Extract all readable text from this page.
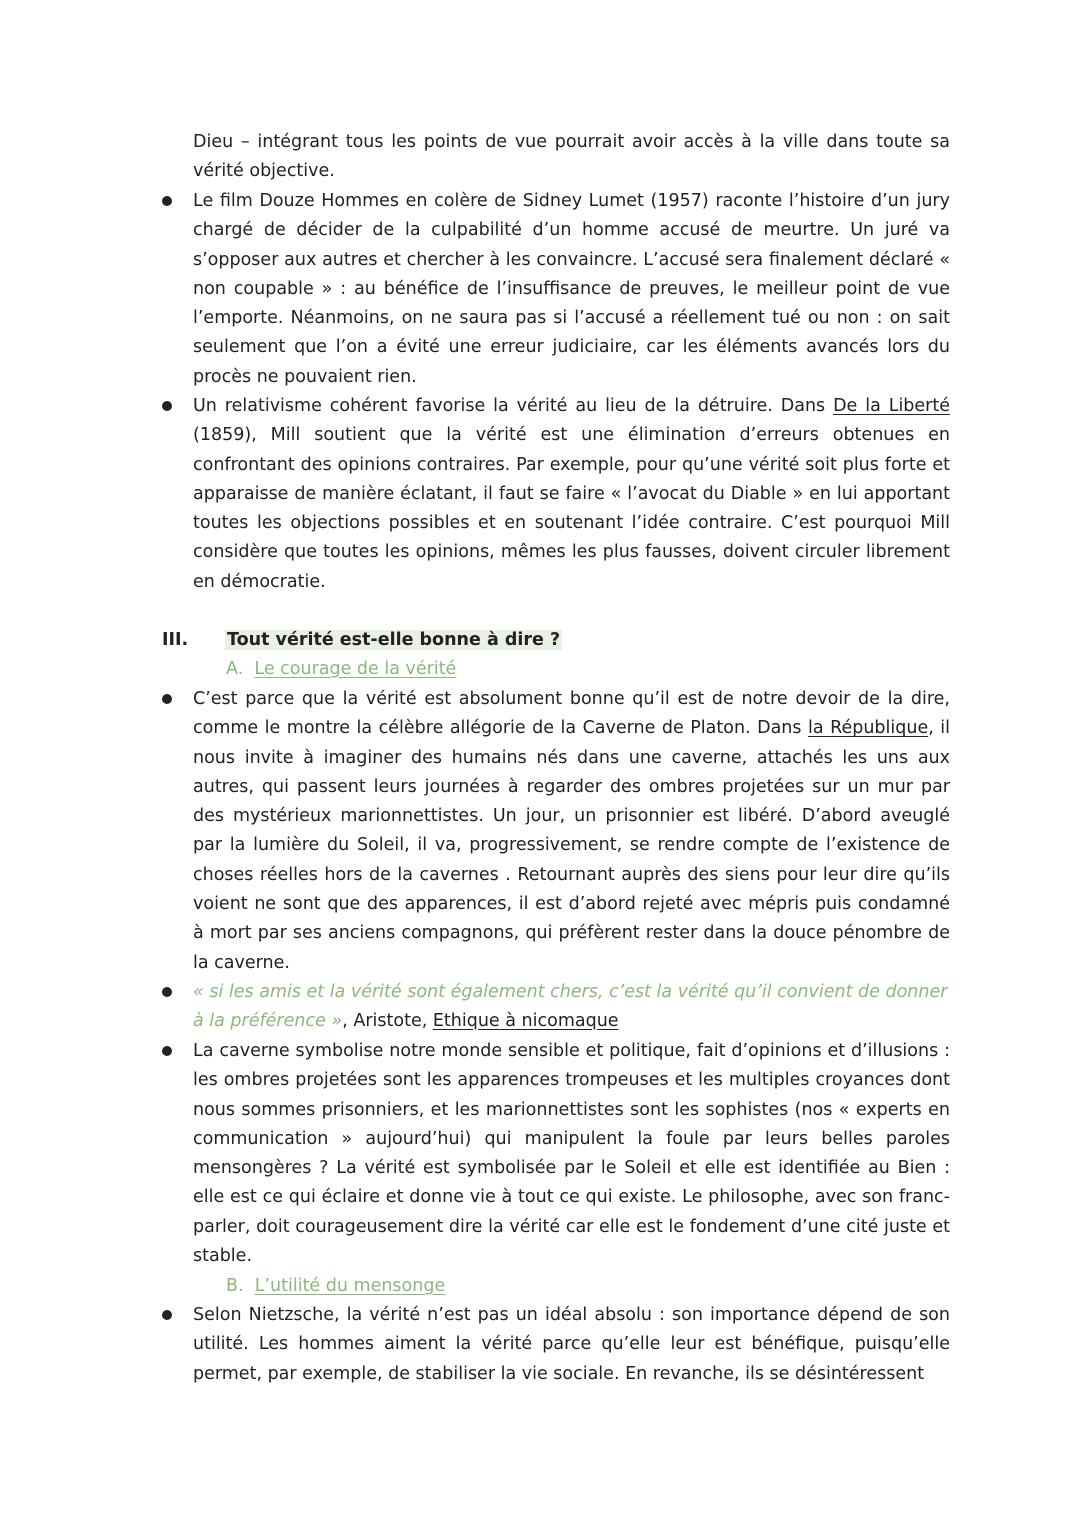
Dieu – intégrant tous les points de vue pourrait avoir accès à la ville dans toute sa
vérité objective.
Le film Douze Hommes en colère de Sidney Lumet (1957) raconte l’histoire d’un jury chargé de décider de la culpabilité d’un homme accusé de meurtre. Un juré va s’opposer aux autres et chercher à les convaincre. L’accusé sera finalement déclaré « non coupable » : au bénéfice de l’insuffisance de preuves, le meilleur point de vue l’emporte. Néanmoins, on ne saura pas si l’accusé a réellement tué ou non : on sait seulement que l’on a évité une erreur judiciaire, car les éléments avancés lors du procès ne pouvaient rien.
Un relativisme cohérent favorise la vérité au lieu de la détruire. Dans De la Liberté (1859), Mill soutient que la vérité est une élimination d’erreurs obtenues en confrontant des opinions contraires. Par exemple, pour qu’une vérité soit plus forte et apparaisse de manière éclatant, il faut se faire « l’avocat du Diable » en lui apportant toutes les objections possibles et en soutenant l’idée contraire. C’est pourquoi Mill considère que toutes les opinions, mêmes les plus fausses, doivent circuler librement en démocratie.
III. Tout vérité est-elle bonne à dire ?
A. Le courage de la vérité
C’est parce que la vérité est absolument bonne qu’il est de notre devoir de la dire, comme le montre la célèbre allégorie de la Caverne de Platon. Dans la République, il nous invite à imaginer des humains nés dans une caverne, attachés les uns aux autres, qui passent leurs journées à regarder des ombres projetées sur un mur par des mystérieux marionnettistes. Un jour, un prisonnier est libéré. D’abord aveuglé par la lumière du Soleil, il va, progressivement, se rendre compte de l’existence de choses réelles hors de la cavernes . Retournant auprès des siens pour leur dire qu’ils voient ne sont que des apparences, il est d’abord rejeté avec mépris puis condamné à mort par ses anciens compagnons, qui préfèrent rester dans la douce pénombre de la caverne.
« si les amis et la vérité sont également chers, c’est la vérité qu’il convient de donner
à la préférence », Aristote, Ethique à nicomaque
La caverne symbolise notre monde sensible et politique, fait d’opinions et d’illusions : les ombres projetées sont les apparences trompeuses et les multiples croyances dont nous sommes prisonniers, et les marionnettistes sont les sophistes (nos « experts en communication » aujourd’hui) qui manipulent la foule par leurs belles paroles mensongères ? La vérité est symbolisée par le Soleil et elle est identifiée au Bien : elle est ce qui éclaire et donne vie à tout ce qui existe. Le philosophe, avec son franc-parler, doit courageusement dire la vérité car elle est le fondement d’une cité juste et stable.
B. L’utilité du mensonge
Selon Nietzsche, la vérité n’est pas un idéal absolu : son importance dépend de son utilité. Les hommes aiment la vérité parce qu’elle leur est bénéfique, puisqu’elle permet, par exemple, de stabiliser la vie sociale. En revanche, ils se désintéressent
